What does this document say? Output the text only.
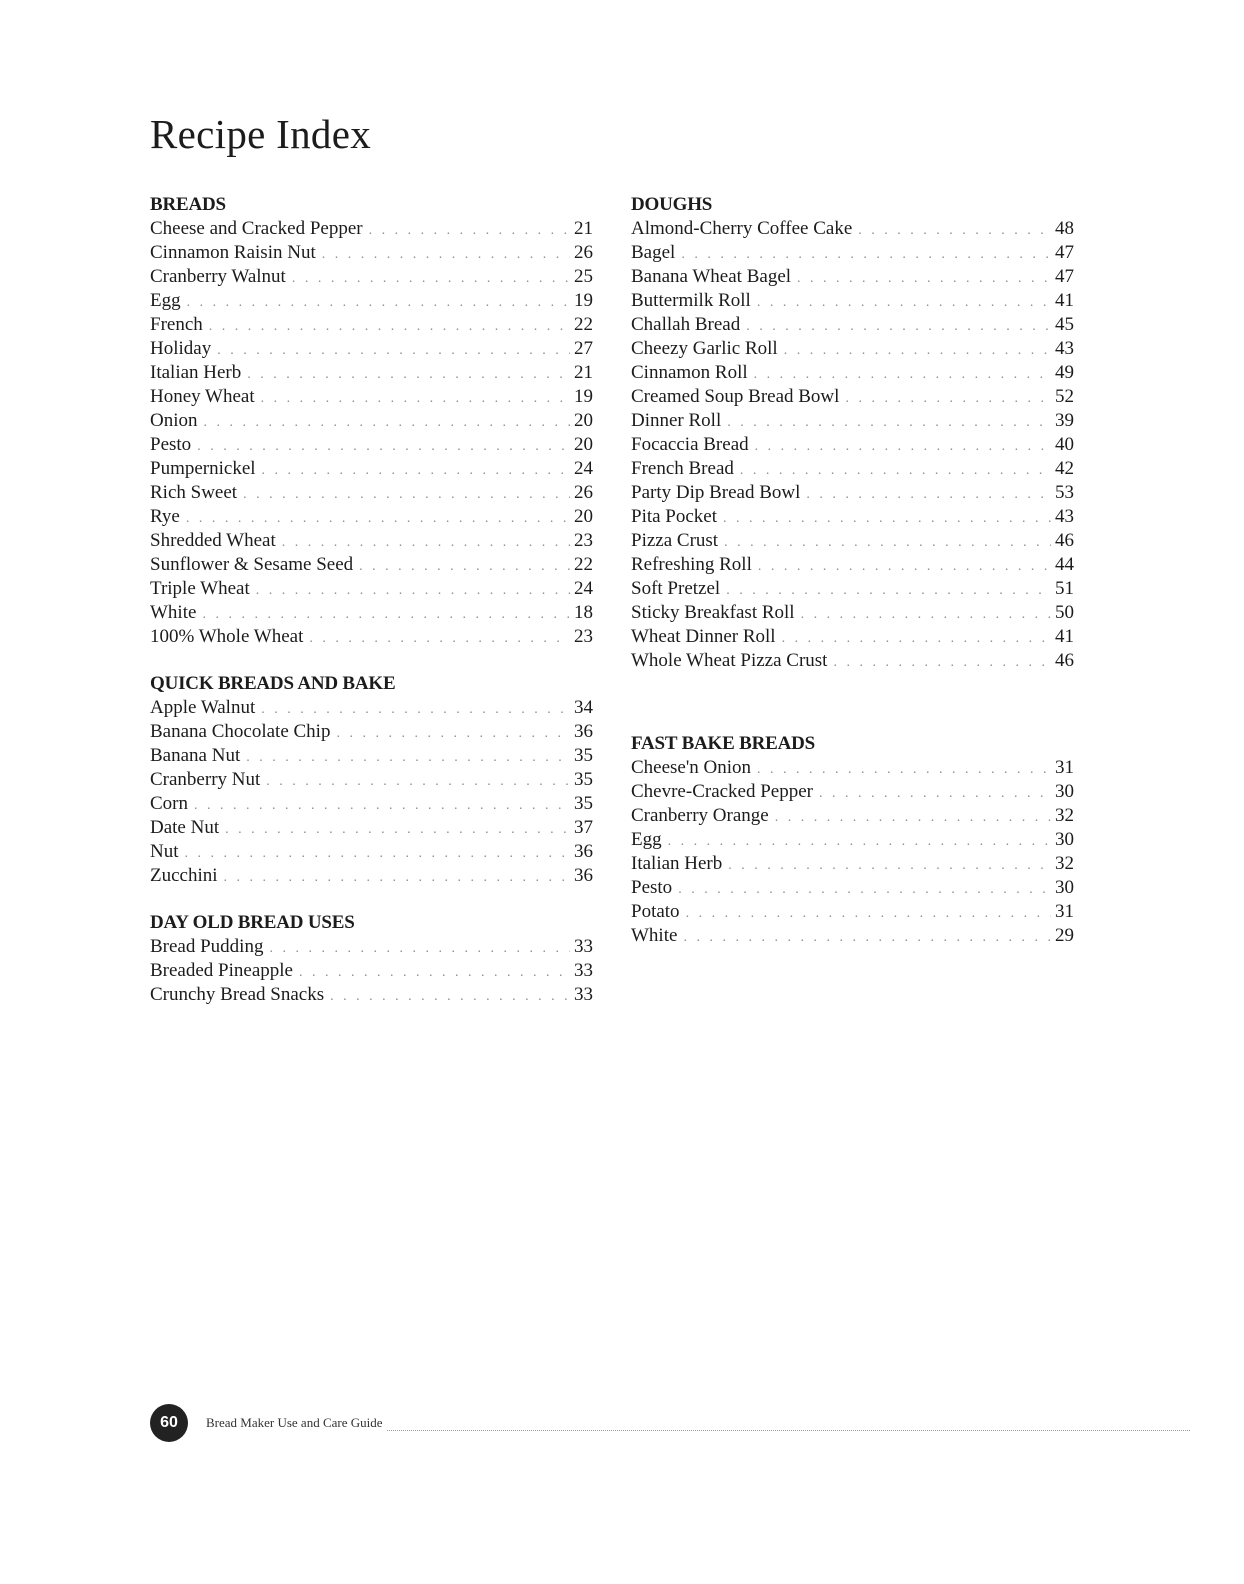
Recipe Index
BREADS
Cheese and Cracked Pepper . . .	21
Cinnamon Raisin Nut . . .	26
Cranberry Walnut . . .	25
Egg . . .	19
French . . .	22
Holiday . . .	27
Italian Herb . . .	21
Honey Wheat . . .	19
Onion . . .	20
Pesto . . .	20
Pumpernickel . . .	24
Rich Sweet . . .	26
Rye . . .	20
Shredded Wheat . . .	23
Sunflower & Sesame Seed . . .	22
Triple Wheat . . .	24
White . . .	18
100% Whole Wheat . . .	23
QUICK BREADS AND BAKE
Apple Walnut . . .	34
Banana Chocolate Chip . . .	36
Banana Nut . . .	35
Cranberry Nut . . .	35
Corn . . .	35
Date Nut . . .	37
Nut . . .	36
Zucchini . . .	36
DAY OLD BREAD USES
Bread Pudding . . .	33
Breaded Pineapple . . .	33
Crunchy Bread Snacks . . .	33
DOUGHS
Almond-Cherry Coffee Cake . . .	48
Bagel . . .	47
Banana Wheat Bagel . . .	47
Buttermilk Roll . . .	41
Challah Bread . . .	45
Cheezy Garlic Roll . . .	43
Cinnamon Roll . . .	49
Creamed Soup Bread Bowl . . .	52
Dinner Roll . . .	39
Focaccia Bread . . .	40
French Bread . . .	42
Party Dip Bread Bowl . . .	53
Pita Pocket . . .	43
Pizza Crust . . .	46
Refreshing Roll . . .	44
Soft Pretzel . . .	51
Sticky Breakfast Roll . . .	50
Wheat Dinner Roll . . .	41
Whole Wheat Pizza Crust . . .	46
FAST BAKE BREADS
Cheese'n Onion . . .	31
Chevre-Cracked Pepper . . .	30
Cranberry Orange . . .	32
Egg . . .	30
Italian Herb . . .	32
Pesto . . .	30
Potato . . .	31
White . . .	29
60	Bread Maker Use and Care Guide
